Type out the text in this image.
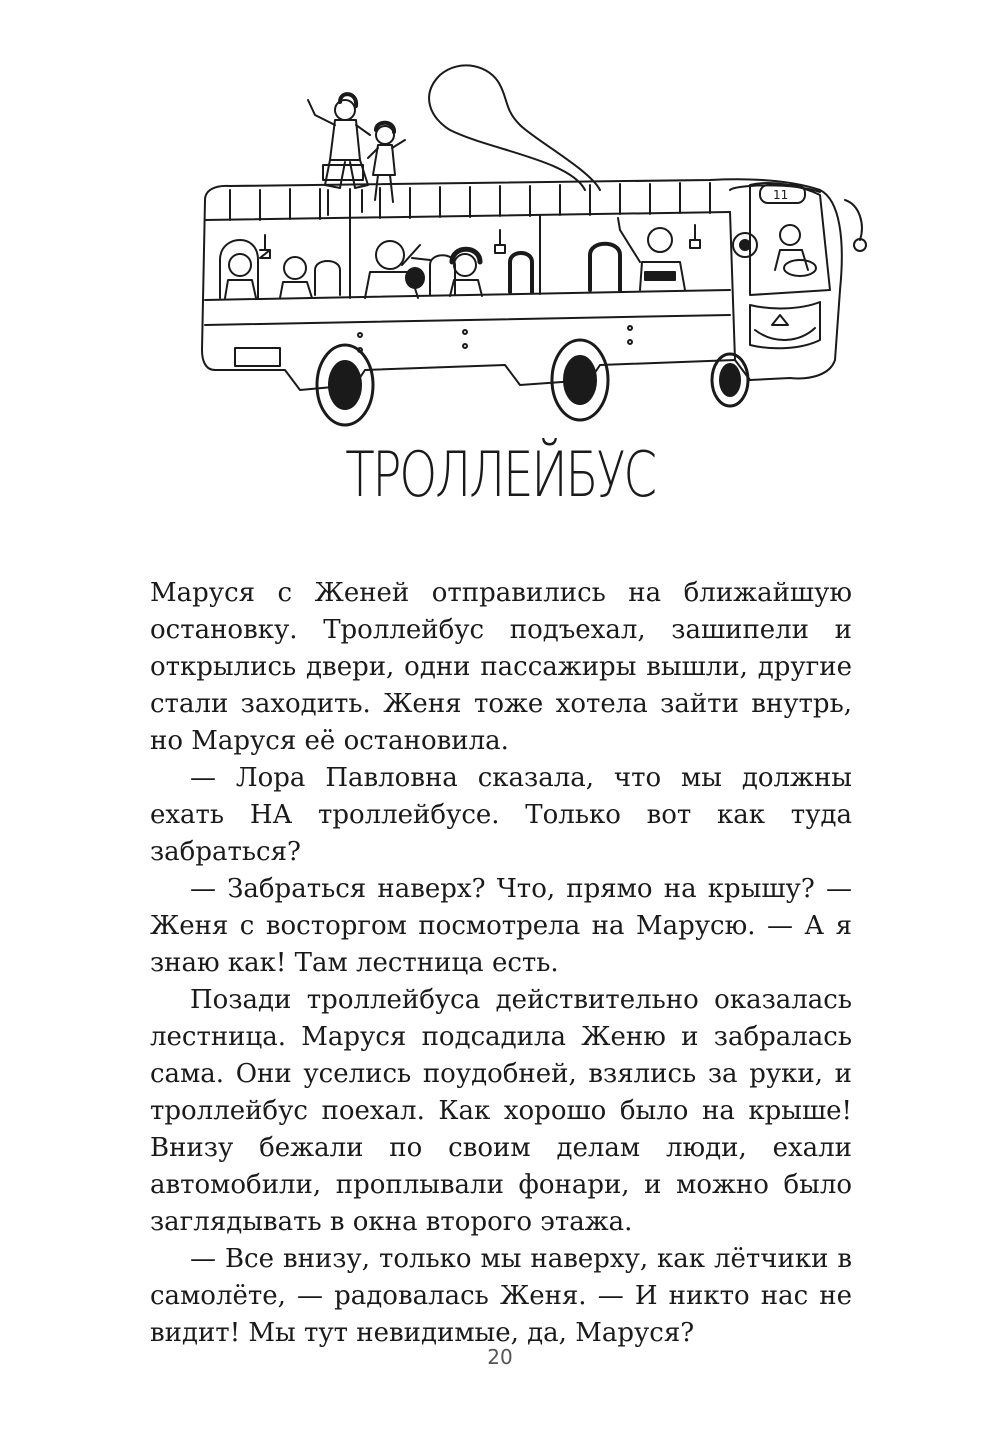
11
ТРОЛЛЕЙБУС

Маруся с Женей отправились на ближайшую остановку. Троллейбус подъехал, зашипели и открылись двери, одни пассажиры вышли, другие стали заходить. Женя тоже хотела зайти внутрь, но Маруся её остановила.

— Лора Павловна сказала, что мы должны ехать НА троллейбусе. Только вот как туда забраться?

— Забраться наверх? Что, прямо на крышу? — Женя с восторгом посмотрела на Марусю. — А я знаю как! Там лестница есть.

Позади троллейбуса действительно оказалась лестница. Маруся подсадила Женю и забралась сама. Они уселись поудобней, взялись за руки, и троллейбус поехал. Как хорошо было на крыше! Внизу бежали по своим делам люди, ехали автомобили, проплывали фонари, и можно было заглядывать в окна второго этажа.

— Все внизу, только мы наверху, как лётчики в самолёте, — радовалась Женя. — И никто нас не видит! Мы тут невидимые, да, Маруся?

20
